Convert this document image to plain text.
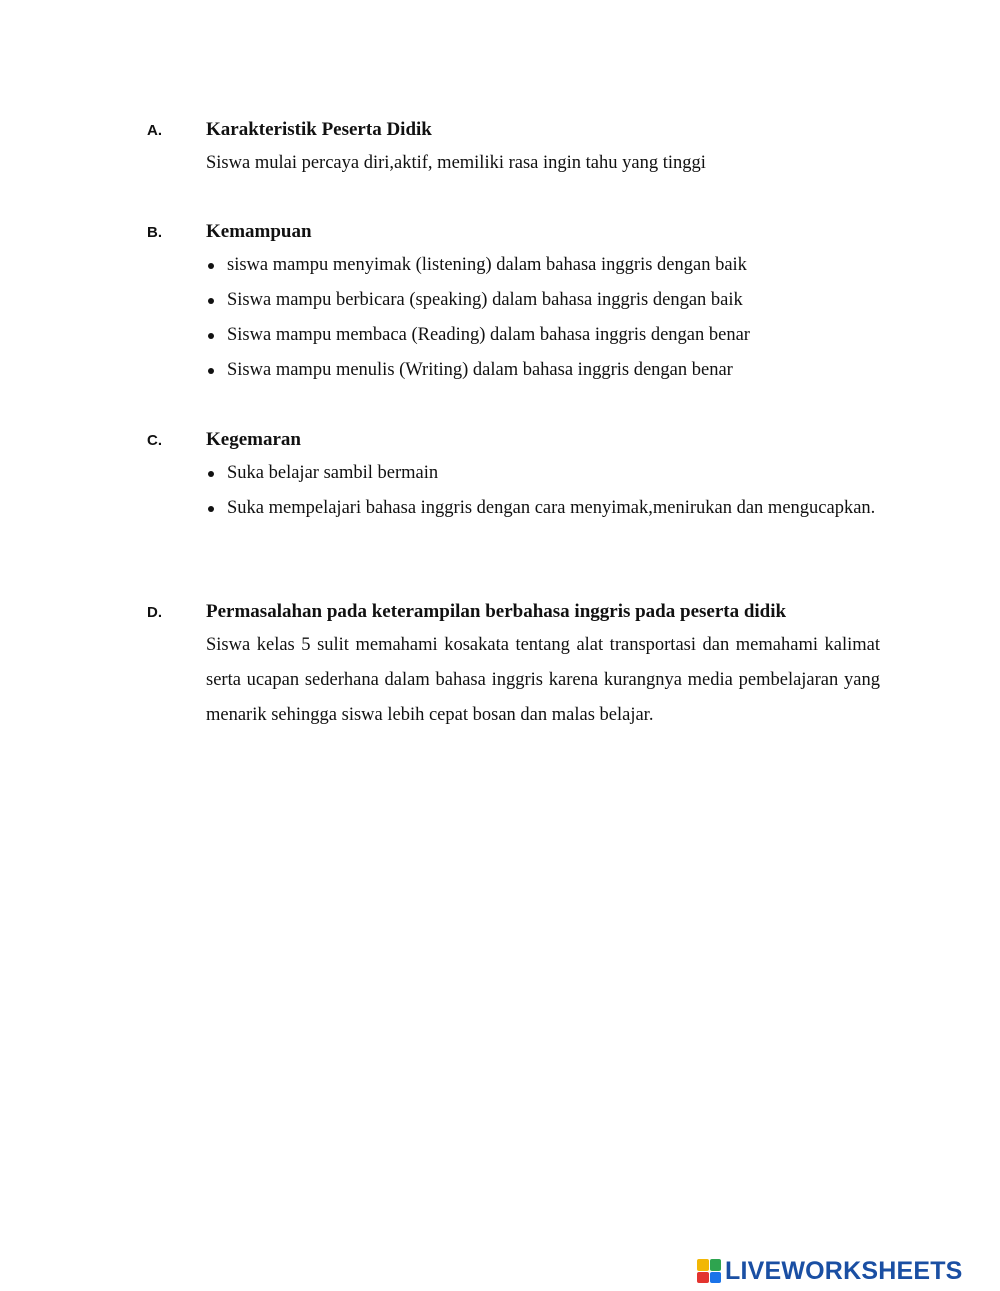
A. Karakteristik Peserta Didik
Siswa mulai percaya diri,aktif, memiliki rasa ingin tahu yang tinggi
B. Kemampuan
siswa mampu menyimak (listening) dalam bahasa inggris dengan baik
Siswa mampu berbicara (speaking) dalam bahasa inggris dengan baik
Siswa mampu membaca (Reading) dalam bahasa inggris dengan benar
Siswa mampu menulis (Writing) dalam bahasa inggris dengan benar
C. Kegemaran
Suka belajar sambil bermain
Suka mempelajari bahasa inggris dengan cara menyimak,menirukan dan mengucapkan.
D. Permasalahan pada keterampilan berbahasa inggris pada peserta didik
Siswa kelas 5 sulit memahami kosakata tentang alat transportasi dan memahami kalimat serta ucapan sederhana dalam bahasa inggris karena kurangnya media pembelajaran yang menarik sehingga siswa lebih cepat bosan dan malas belajar.
LIVEWORKSHEETS
